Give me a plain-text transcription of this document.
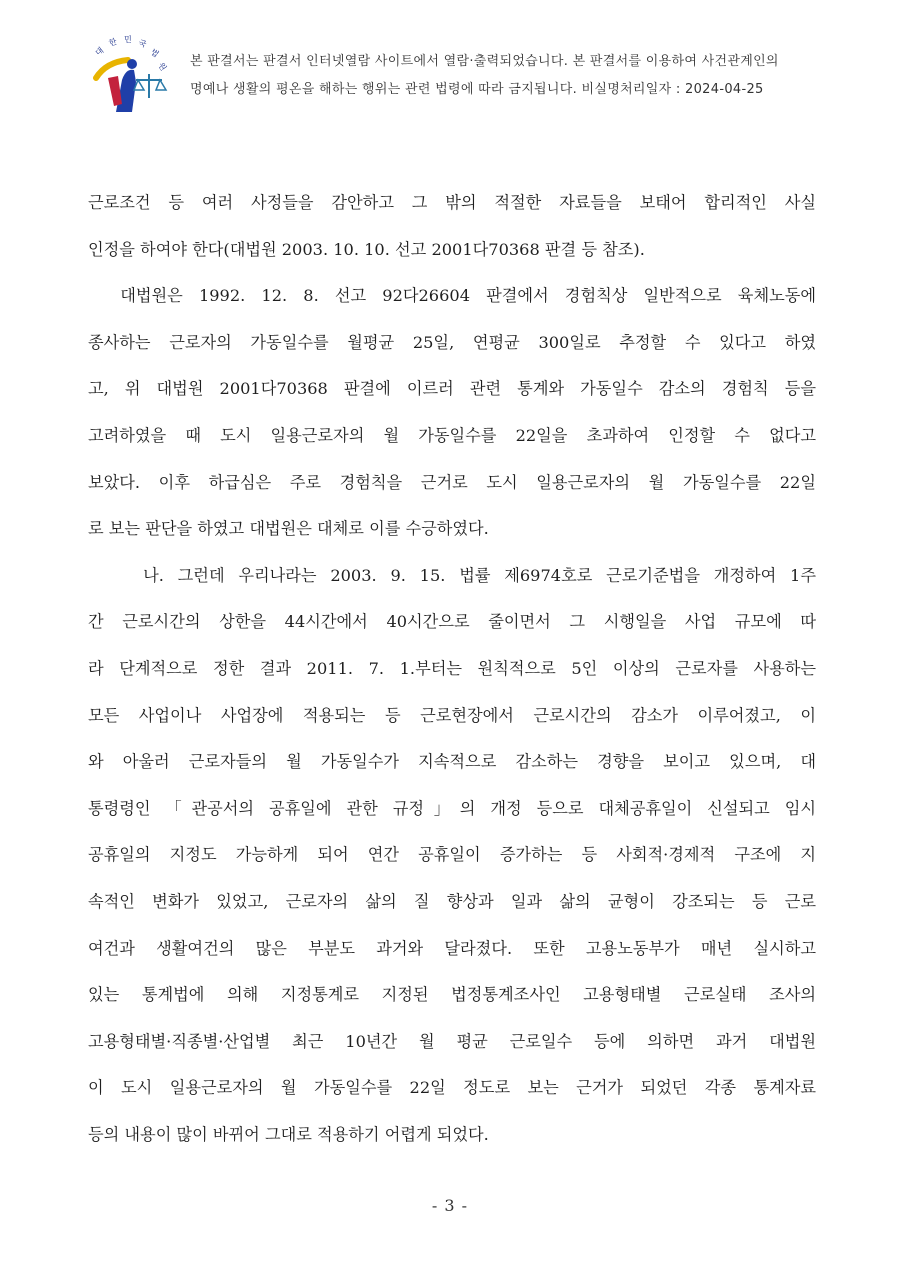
대
한 민 국
법
원 본 판결서는 판결서 인터넷열람 사이트에서 열람·출력되었습니다. 본 판결서를 이용하여 사건관계인의
명예나 생활의 평온을 해하는 행위는 관련 법령에 따라 금지됩니다. 비실명처리일자 : 2024-04-25
근로조건 등 여러 사정들을 감안하고 그 밖의 적절한 자료들을 보태어 합리적인 사실
인정을 하여야 한다(대법원 2003. 10. 10. 선고 2001다70368 판결 등 참조).
대법원은 1992. 12. 8. 선고 92다26604 판결에서 경험칙상 일반적으로 육체노동에
종사하는 근로자의 가동일수를 월평균 25일, 연평균 300일로 추정할 수 있다고 하였
고, 위 대법원 2001다70368 판결에 이르러 관련 통계와 가동일수 감소의 경험칙 등을
고려하였을 때 도시 일용근로자의 월 가동일수를 22일을 초과하여 인정할 수 없다고
보았다. 이후 하급심은 주로 경험칙을 근거로 도시 일용근로자의 월 가동일수를 22일
로 보는 판단을 하였고 대법원은 대체로 이를 수긍하였다.
나. 그런데 우리나라는 2003. 9. 15. 법률 제6974호로 근로기준법을 개정하여 1주
간 근로시간의 상한을 44시간에서 40시간으로 줄이면서 그 시행일을 사업 규모에 따
라 단계적으로 정한 결과 2011. 7. 1.부터는 원칙적으로 5인 이상의 근로자를 사용하는
모든 사업이나 사업장에 적용되는 등 근로현장에서 근로시간의 감소가 이루어졌고, 이
와 아울러 근로자들의 월 가동일수가 지속적으로 감소하는 경향을 보이고 있으며, 대
통령령인 「관공서의 공휴일에 관한 규정」의 개정 등으로 대체공휴일이 신설되고 임시
공휴일의 지정도 가능하게 되어 연간 공휴일이 증가하는 등 사회적·경제적 구조에 지
속적인 변화가 있었고, 근로자의 삶의 질 향상과 일과 삶의 균형이 강조되는 등 근로
여건과 생활여건의 많은 부분도 과거와 달라졌다. 또한 고용노동부가 매년 실시하고
있는 통계법에 의해 지정통계로 지정된 법정통계조사인 고용형태별 근로실태 조사의
고용형태별·직종별·산업별 최근 10년간 월 평균 근로일수 등에 의하면 과거 대법원
이 도시 일용근로자의 월 가동일수를 22일 정도로 보는 근거가 되었던 각종 통계자료
등의 내용이 많이 바뀌어 그대로 적용하기 어렵게 되었다.
- 3 -
